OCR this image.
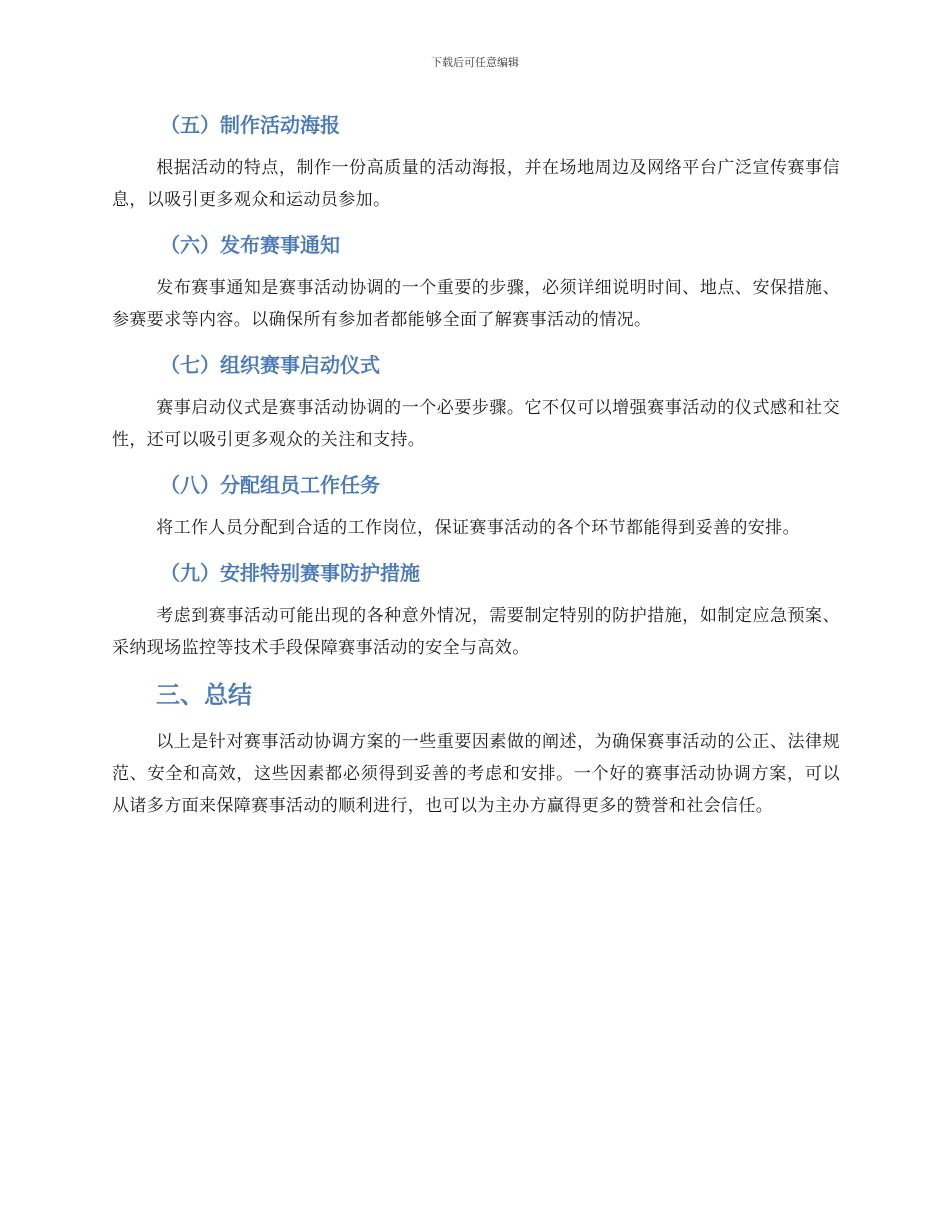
下载后可任意编辑
（五）制作活动海报

根据活动的特点，制作一份高质量的活动海报，并在场地周边及网络平台广泛宣传赛事信息，以吸引更多观众和运动员参加。

（六）发布赛事通知

发布赛事通知是赛事活动协调的一个重要的步骤，必须详细说明时间、地点、安保措施、参赛要求等内容。以确保所有参加者都能够全面了解赛事活动的情况。

（七）组织赛事启动仪式

赛事启动仪式是赛事活动协调的一个必要步骤。它不仅可以增强赛事活动的仪式感和社交性，还可以吸引更多观众的关注和支持。

（八）分配组员工作任务

将工作人员分配到合适的工作岗位，保证赛事活动的各个环节都能得到妥善的安排。

（九）安排特别赛事防护措施

考虑到赛事活动可能出现的各种意外情况，需要制定特别的防护措施，如制定应急预案、采纳现场监控等技术手段保障赛事活动的安全与高效。

三、总结

以上是针对赛事活动协调方案的一些重要因素做的阐述，为确保赛事活动的公正、法律规范、安全和高效，这些因素都必须得到妥善的考虑和安排。一个好的赛事活动协调方案，可以从诸多方面来保障赛事活动的顺利进行，也可以为主办方赢得更多的赞誉和社会信任。
